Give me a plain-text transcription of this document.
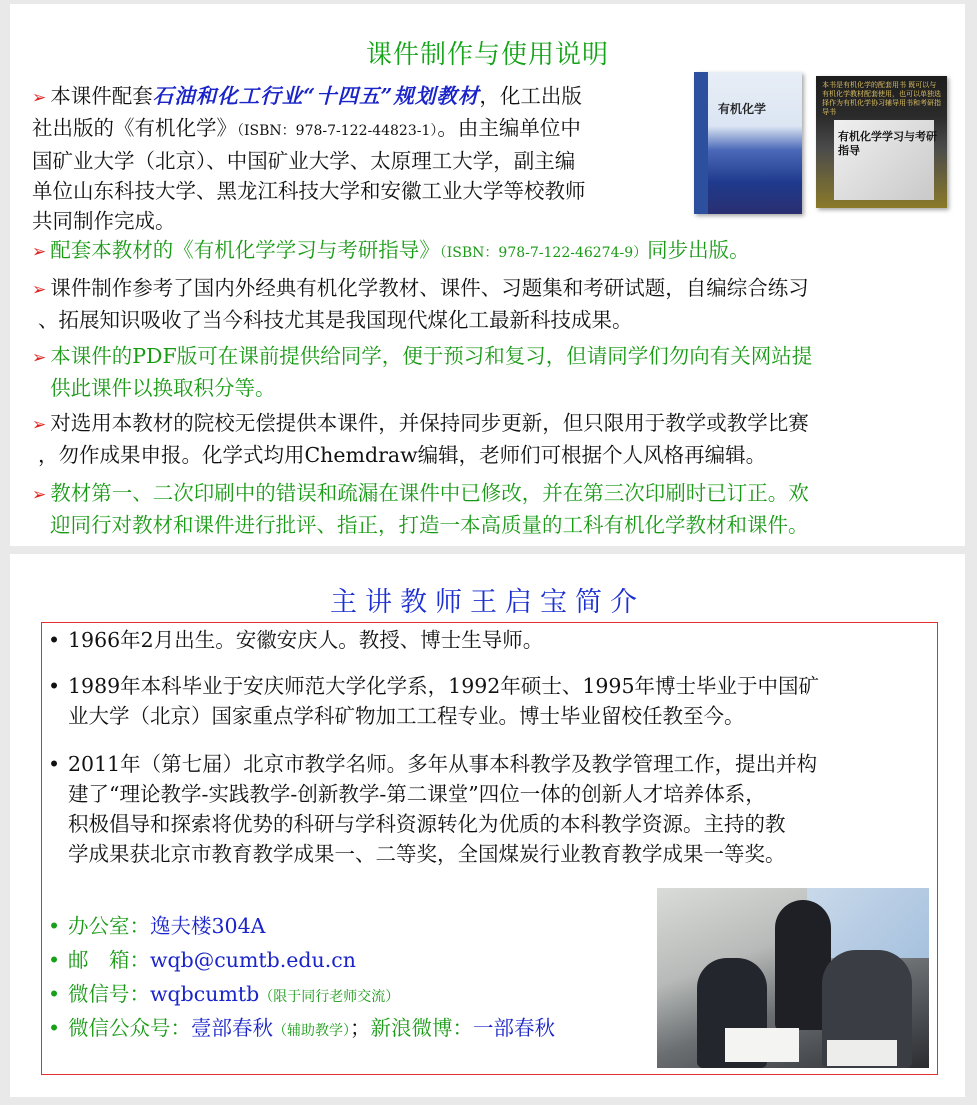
课件制作与使用说明
➢ 本课件配套石油和化工行业“十四五”规划教材，化工出版
社出版的《有机化学》（ISBN：978-7-122-44823-1）。由主编单位中
国矿业大学（北京）、中国矿业大学、太原理工大学，副主编
单位山东科技大学、黑龙江科技大学和安徽工业大学等校教师
共同制作完成。
有机化学
本书是有机化学的配套用书 既可以与有机化学教材配套使用，也可以单独选择作为有机化学协习辅导用书和考研指导书
有机化学学习与考研指导
➢ 配套本教材的《有机化学学习与考研指导》（ISBN：978-7-122-46274-9）同步出版。
➢ 课件制作参考了国内外经典有机化学教材、课件、习题集和考研试题，自编综合练习
、拓展知识吸收了当今科技尤其是我国现代煤化工最新科技成果。
➢ 本课件的PDF版可在课前提供给同学，便于预习和复习，但请同学们勿向有关网站提
供此课件以换取积分等。
➢ 对选用本教材的院校无偿提供本课件，并保持同步更新，但只限用于教学或教学比赛
，勿作成果申报。化学式均用Chemdraw编辑，老师们可根据个人风格再编辑。
➢ 教材第一、二次印刷中的错误和疏漏在课件中已修改，并在第三次印刷时已订正。欢
迎同行对教材和课件进行批评、指正，打造一本高质量的工科有机化学教材和课件。
主讲教师王启宝简介
• 1966年2月出生。安徽安庆人。教授、博士生导师。
• 1989年本科毕业于安庆师范大学化学系，1992年硕士、1995年博士毕业于中国矿
业大学（北京）国家重点学科矿物加工工程专业。博士毕业留校任教至今。
• 2011年（第七届）北京市教学名师。多年从事本科教学及教学管理工作，提出并构
建了“理论教学-实践教学-创新教学-第二课堂”四位一体的创新人才培养体系，
积极倡导和探索将优势的科研与学科资源转化为优质的本科教学资源。主持的教
学成果获北京市教育教学成果一、二等奖，全国煤炭行业教育教学成果一等奖。
• 办公室：逸夫楼304A
• 邮　箱：wqb@cumtb.edu.cn
• 微信号：wqbcumtb（限于同行老师交流）
• 微信公众号：壹部春秋（辅助教学）；新浪微博：一部春秋
